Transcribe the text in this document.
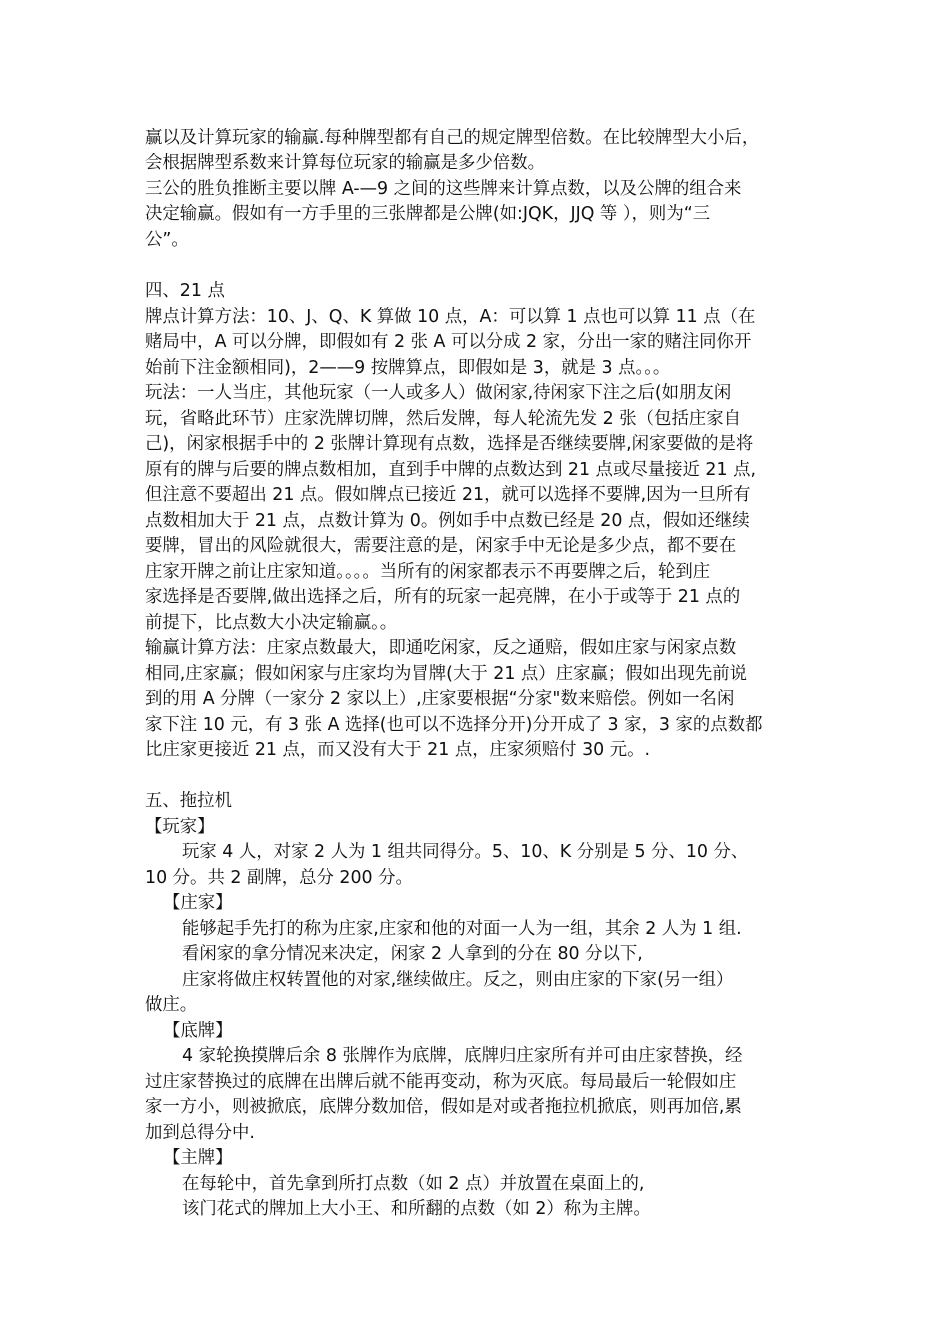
赢以及计算玩家的输赢.每种牌型都有自己的规定牌型倍数。在比较牌型大小后，
会根据牌型系数来计算每位玩家的输赢是多少倍数。
三公的胜负推断主要以牌 A-—9 之间的这些牌来计算点数，以及公牌的组合来
决定输赢。假如有一方手里的三张牌都是公牌(如:JQK，JJQ 等 ），则为“三
公”。
四、21 点
牌点计算方法：10、J、Q、K 算做 10 点，A：可以算 1 点也可以算 11 点（在
赌局中，A 可以分牌，即假如有 2 张 A 可以分成 2 家，分出一家的赌注同你开
始前下注金额相同)，2——9 按牌算点，即假如是 3，就是 3 点。。。
玩法：一人当庄，其他玩家（一人或多人）做闲家,待闲家下注之后(如朋友闲
玩，省略此环节）庄家洗牌切牌，然后发牌，每人轮流先发 2 张（包括庄家自
己)，闲家根据手中的 2 张牌计算现有点数，选择是否继续要牌,闲家要做的是将
原有的牌与后要的牌点数相加，直到手中牌的点数达到 21 点或尽量接近 21 点,
但注意不要超出 21 点。假如牌点已接近 21，就可以选择不要牌,因为一旦所有
点数相加大于 21 点，点数计算为 0。例如手中点数已经是 20 点，假如还继续
要牌，冒出的风险就很大，需要注意的是，闲家手中无论是多少点，都不要在
庄家开牌之前让庄家知道。。。。当所有的闲家都表示不再要牌之后，轮到庄
家选择是否要牌,做出选择之后，所有的玩家一起亮牌，在小于或等于 21 点的
前提下，比点数大小决定输赢。。
输赢计算方法：庄家点数最大，即通吃闲家，反之通赔，假如庄家与闲家点数
相同,庄家赢；假如闲家与庄家均为冒牌(大于 21 点）庄家赢；假如出现先前说
到的用 A 分牌（一家分 2 家以上）,庄家要根据“分家"数来赔偿。例如一名闲
家下注 10 元，有 3 张 A 选择(也可以不选择分开)分开成了 3 家，3 家的点数都
比庄家更接近 21 点，而又没有大于 21 点，庄家须赔付 30 元。.
五、拖拉机
【玩家】
玩家 4 人，对家 2 人为 1 组共同得分。5、10、K 分别是 5 分、10 分、
10 分。共 2 副牌，总分 200 分。
【庄家】
能够起手先打的称为庄家,庄家和他的对面一人为一组，其余 2 人为 1 组.
看闲家的拿分情况来决定，闲家 2 人拿到的分在 80 分以下,
庄家将做庄权转置他的对家,继续做庄。反之，则由庄家的下家(另一组）
做庄。
【底牌】
4 家轮换摸牌后余 8 张牌作为底牌，底牌归庄家所有并可由庄家替换，经
过庄家替换过的底牌在出牌后就不能再变动，称为灭底。每局最后一轮假如庄
家一方小，则被掀底，底牌分数加倍，假如是对或者拖拉机掀底，则再加倍,累
加到总得分中.
【主牌】
在每轮中，首先拿到所打点数（如 2 点）并放置在桌面上的,
该门花式的牌加上大小王、和所翻的点数（如 2）称为主牌。
